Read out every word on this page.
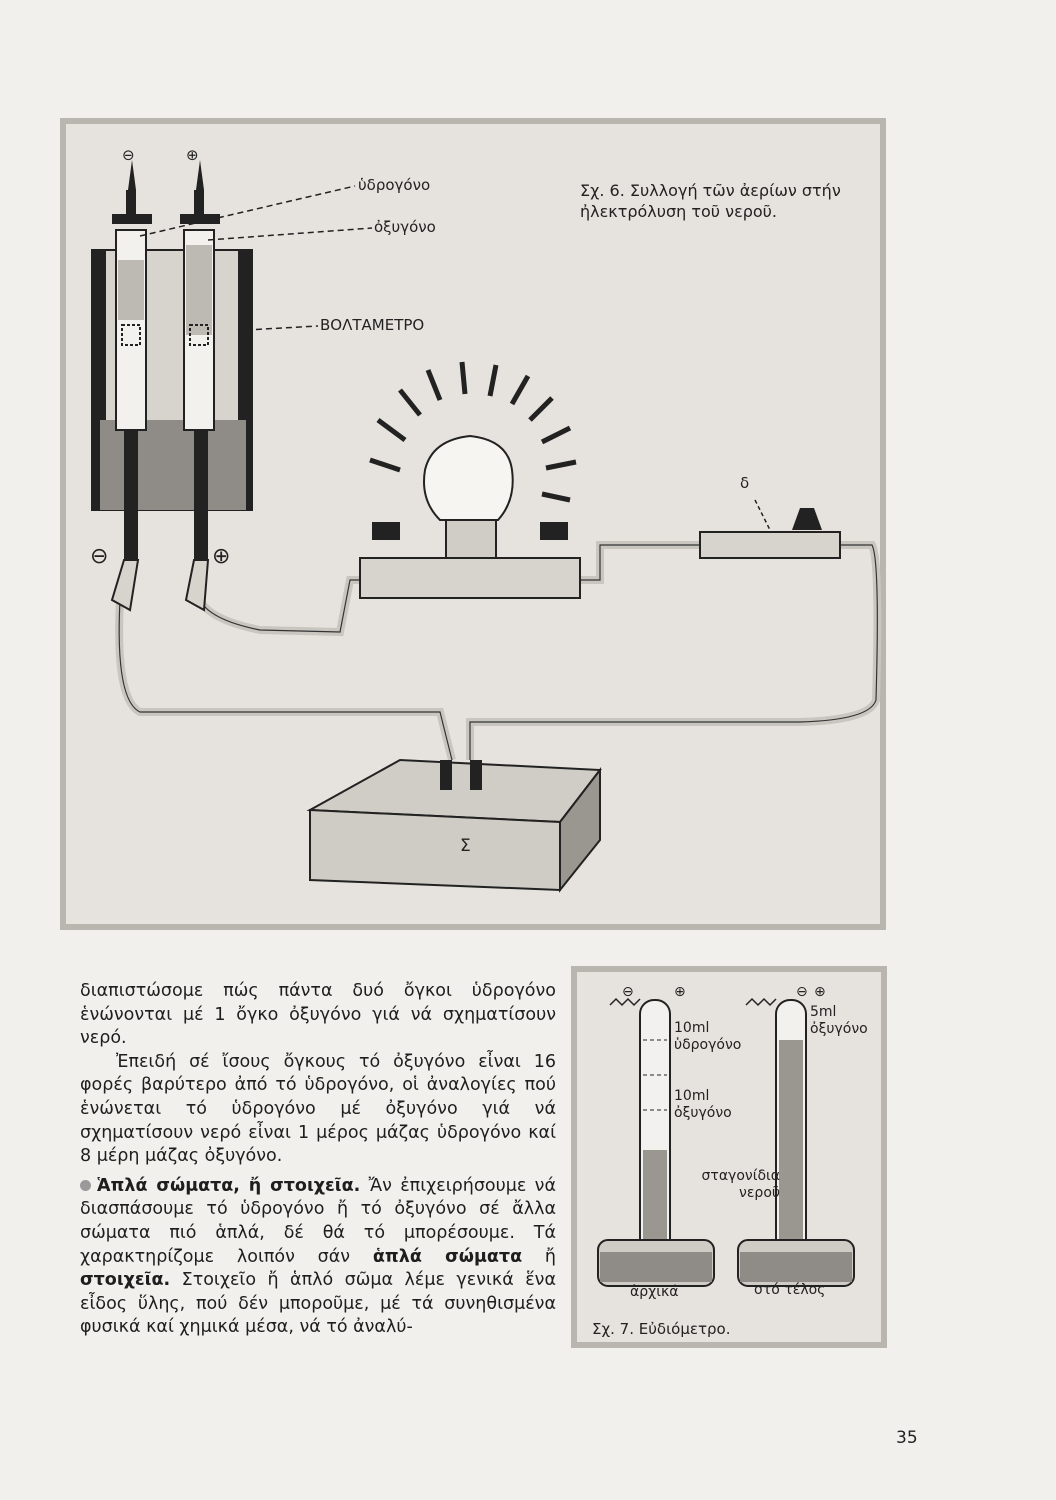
⊖	⊕
⊖	⊕
ὑδρογόνο
ὀξυγόνο
ΒΟΛΤΑΜΕΤΡΟ
δ
Σ
Σχ. 6. Συλλογή τῶν ἀερίων στήν ἠλεκτρόλυση τοῦ νεροῦ.
⊖	⊕	⊖ ⊕
10ml
ὑδρογόνο
10ml
ὀξυγόνο
5ml
ὀξυγόνο
σταγονίδια
νεροῦ
ἀρχικά	στό τέλος
Σχ. 7. Εὐδιόμετρο.

διαπιστώσομε πώς πάντα δυό ὄγκοι ὑδρογόνο ἑνώνονται μέ 1 ὄγκο ὀξυγόνο γιά νά σχηματίσουν νερό.

Ἐπειδή σέ ἴσους ὄγκους τό ὀξυγόνο εἶναι 16 φορές βαρύτερο ἀπό τό ὑδρογόνο, οἱ ἀναλογίες πού ἑνώνεται τό ὑδρογόνο μέ ὀξυγόνο γιά νά σχηματίσουν νερό εἶναι 1 μέρος μάζας ὑδρογόνο καί 8 μέρη μάζας ὀξυγόνο.

Ἁπλά σώματα, ἤ στοιχεῖα. Ἄν ἐπιχειρήσουμε νά διασπάσουμε τό ὑδρογόνο ἤ τό ὀξυγόνο σέ ἄλλα σώματα πιό ἁπλά, δέ θά τό μπορέσουμε. Τά χαρακτηρίζομε λοιπόν σάν ἁπλά σώματα ἤ στοιχεῖα. Στοιχεῖο ἤ ἁπλό σῶμα λέμε γενικά ἕνα εἶδος ὕλης, πού δέν μποροῦμε, μέ τά συνηθισμένα φυσικά καί χημικά μέσα, νά τό ἀναλύ-

35
